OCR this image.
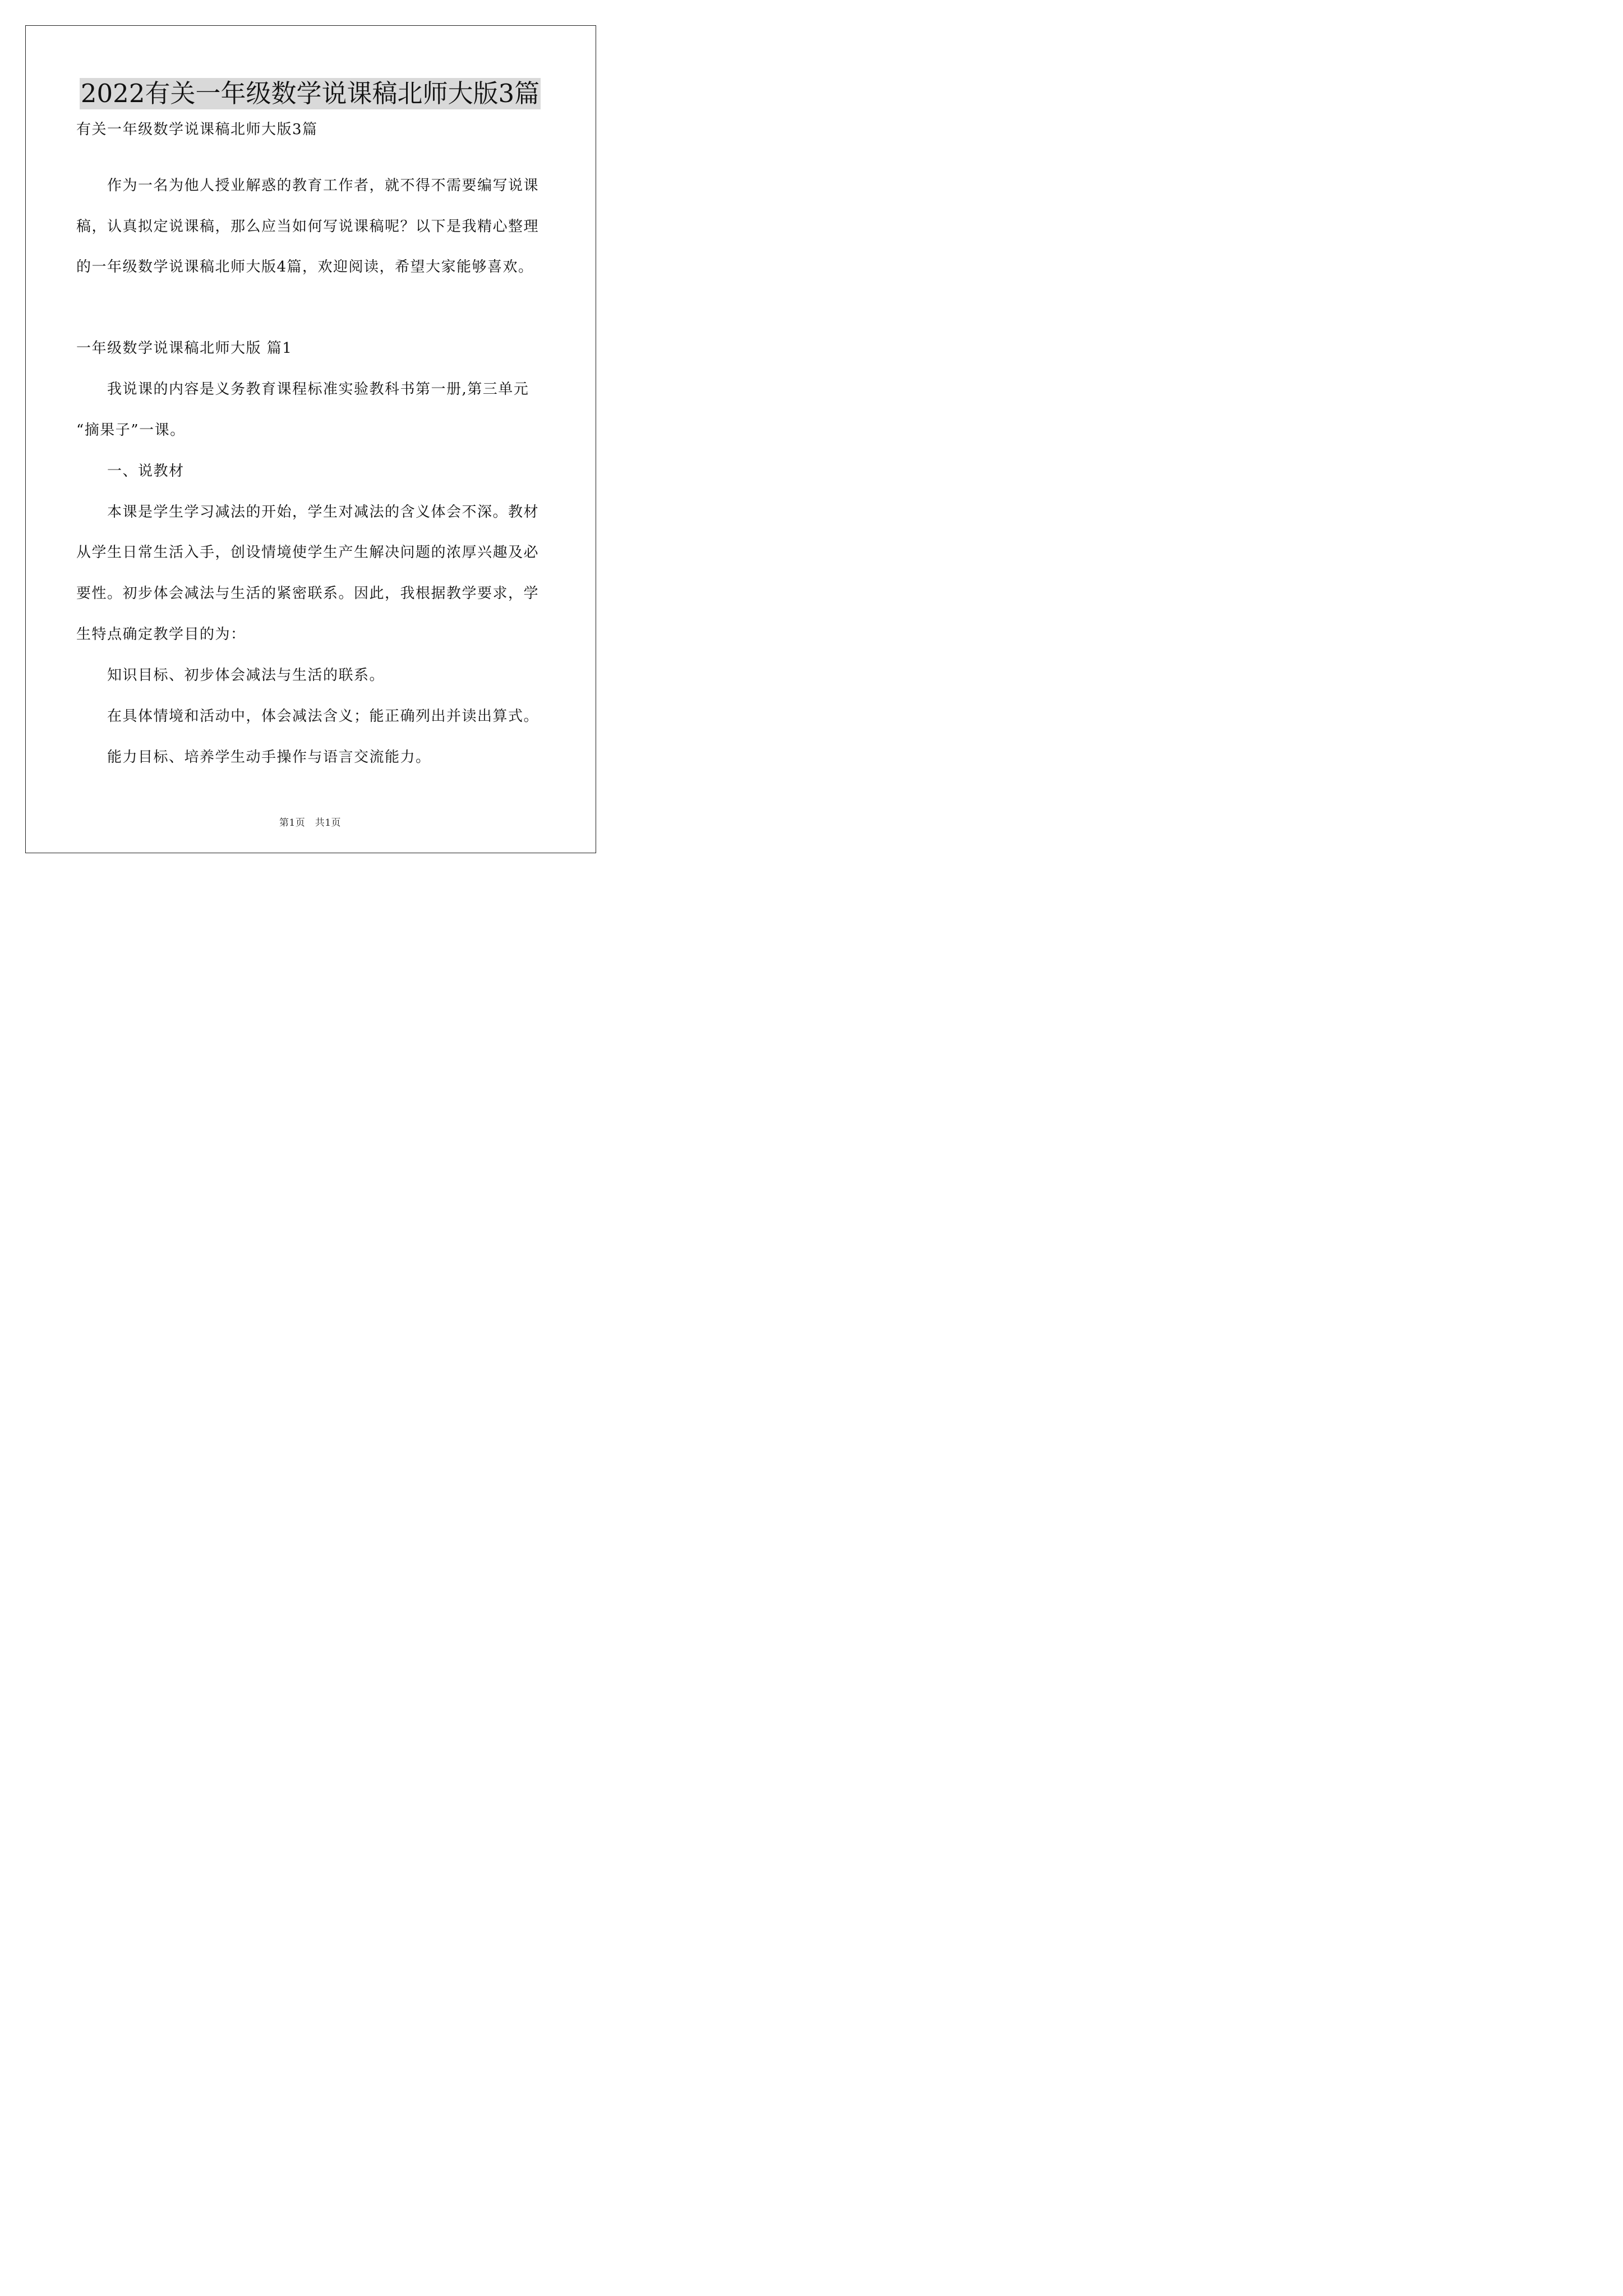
2022有关一年级数学说课稿北师大版3篇
有关一年级数学说课稿北师大版3篇
作为一名为他人授业解惑的教育工作者，就不得不需要编写说课
稿，认真拟定说课稿，那么应当如何写说课稿呢？以下是我精心整理
的一年级数学说课稿北师大版4篇，欢迎阅读，希望大家能够喜欢。
一年级数学说课稿北师大版 篇1
我说课的内容是义务教育课程标准实验教科书第一册,第三单元
“摘果子”一课。
一、说教材
本课是学生学习减法的开始，学生对减法的含义体会不深。教材
从学生日常生活入手，创设情境使学生产生解决问题的浓厚兴趣及必
要性。初步体会减法与生活的紧密联系。因此，我根据教学要求，学
生特点确定教学目的为：
知识目标、初步体会减法与生活的联系。
在具体情境和活动中，体会减法含义；能正确列出并读出算式。
能力目标、培养学生动手操作与语言交流能力。
第1页　共1页
